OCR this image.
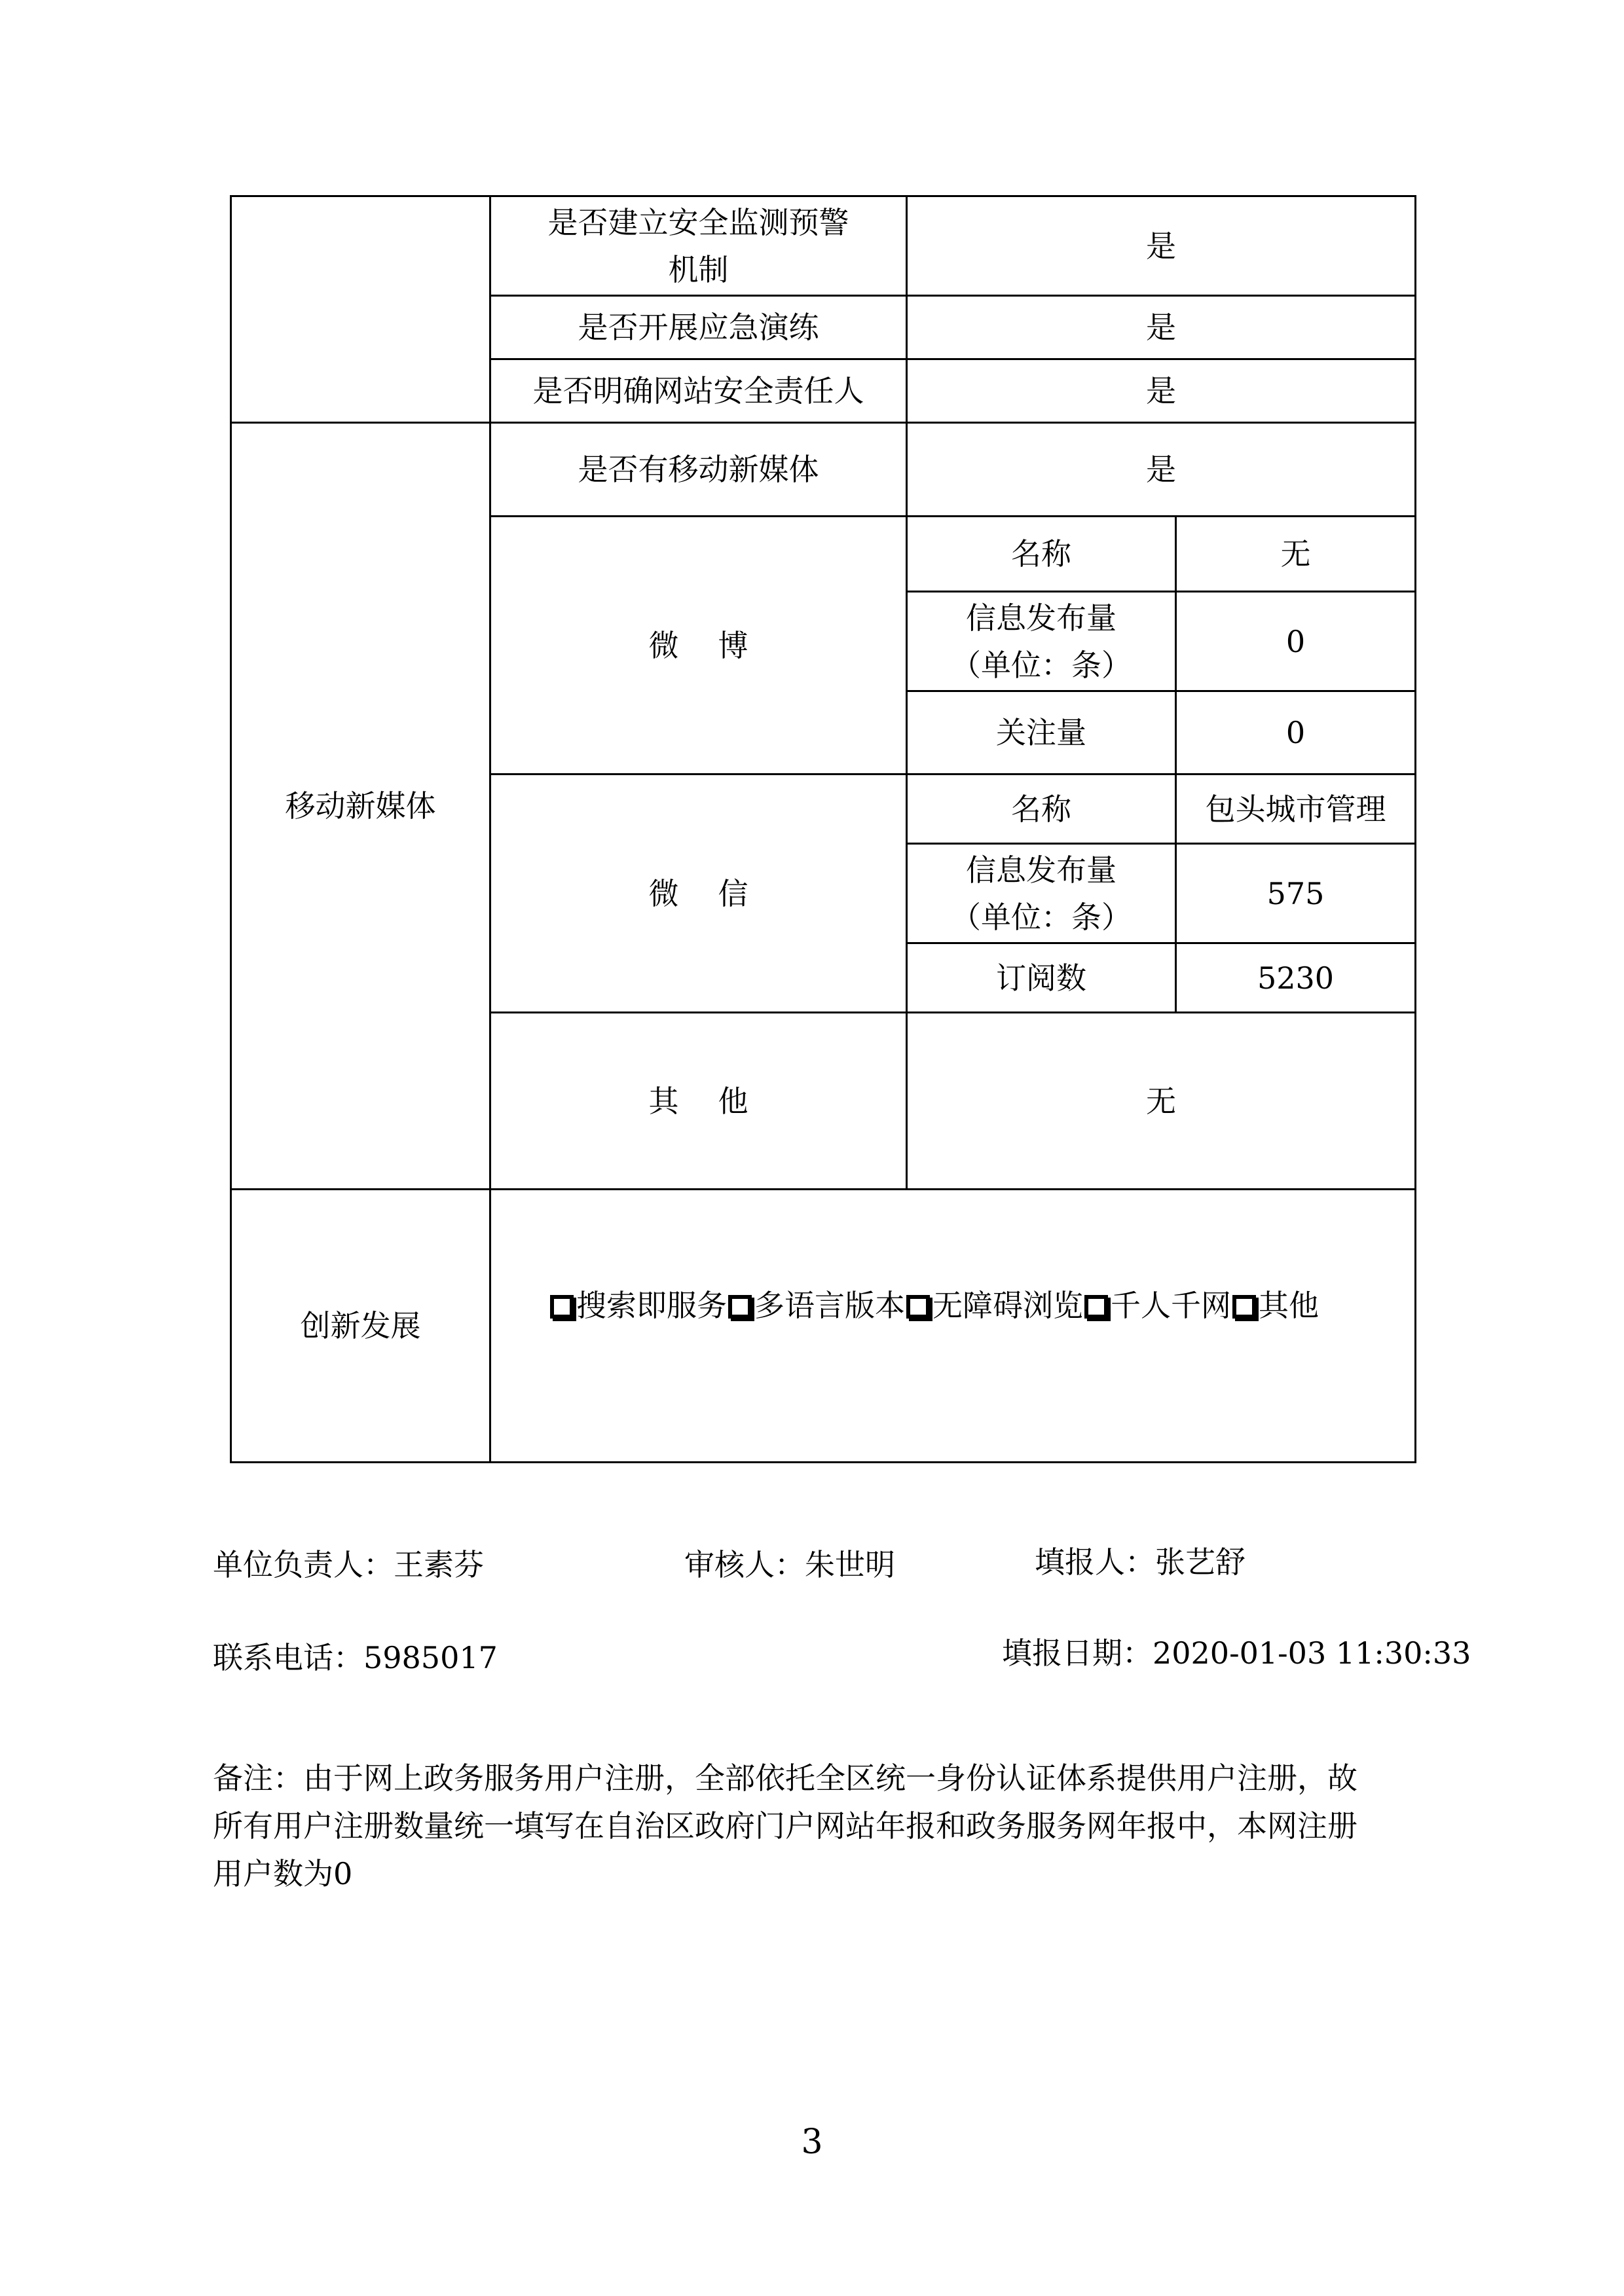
	是否建立安全监测预警
机制	是	
	是否开展应急演练	是	
	是否明确网站安全责任人	是	
移动新媒体	是否有移动新媒体	是	
	微博	名称	无

		信息发布量
（单位：条）	0
		关注量	0
	微信	名称	包头城市管理

		信息发布量
（单位：条）	575
		订阅数	5230
	其他	无	
创新发展	搜索即服务 多语言版本 无障碍浏览 千人千网 其他		
单位负责人：王素芬	审核人：朱世明	填报人：张艺舒
联系电话：5985017	填报日期：2020-01-03 11:30:33
备注：由于网上政务服务用户注册，全部依托全区统一身份认证体系提供用户注册，故所有用户注册数量统一填写在自治区政府门户网站年报和政务服务网年报中，本网注册用户数为0
3
